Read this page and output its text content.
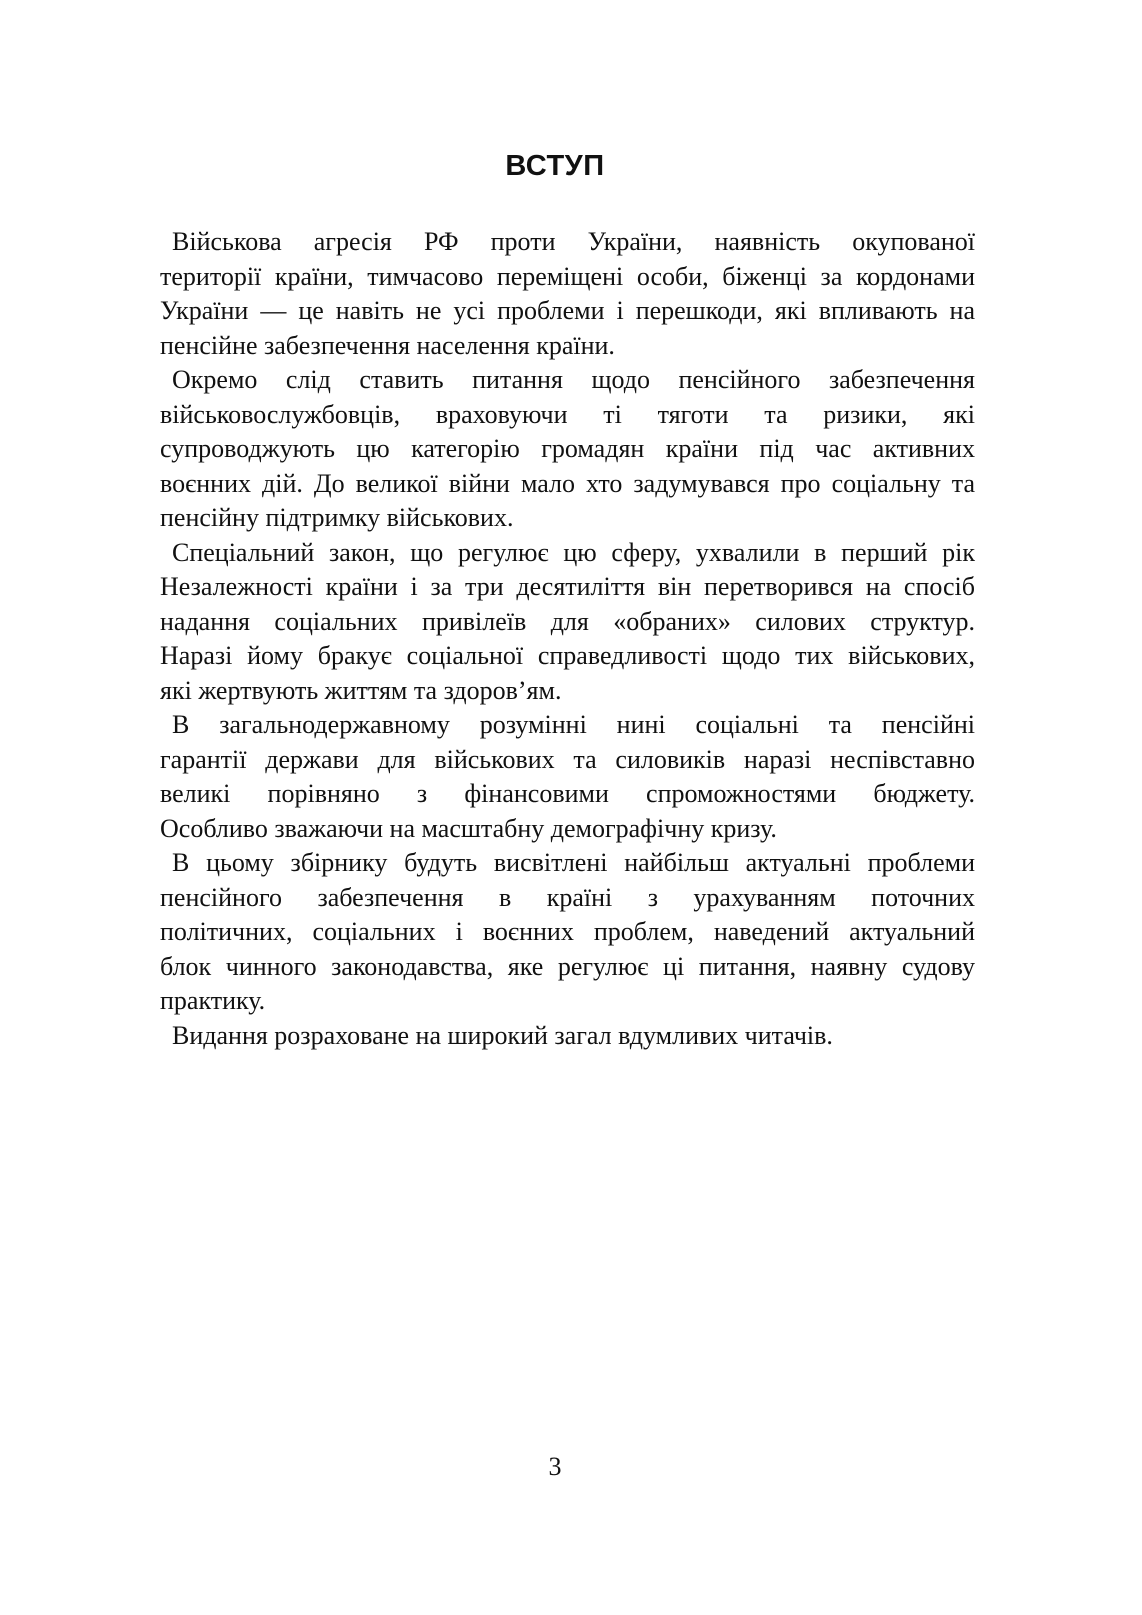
ВСТУП
Військова агресія РФ проти України, наявність окупованої
території країни, тимчасово переміщені особи, біженці за кордонами
України — це навіть не усі проблеми і перешкоди, які впливають на
пенсійне забезпечення населення країни.
Окремо слід ставить питання щодо пенсійного забезпечення
військовослужбовців, враховуючи ті тяготи та ризики, які
супроводжують цю категорію громадян країни під час активних
воєнних дій. До великої війни мало хто задумувався про соціальну та
пенсійну підтримку військових.
Спеціальний закон, що регулює цю сферу, ухвалили в перший рік
Незалежності країни і за три десятиліття він перетворився на спосіб
надання соціальних привілеїв для «обраних» силових структур.
Наразі йому бракує соціальної справедливості щодо тих військових,
які жертвують життям та здоров’ям.
В загальнодержавному розумінні нині соціальні та пенсійні
гарантії держави для військових та силовиків наразі неспівставно
великі порівняно з фінансовими спроможностями бюджету.
Особливо зважаючи на масштабну демографічну кризу.
В цьому збірнику будуть висвітлені найбільш актуальні проблеми
пенсійного забезпечення в країні з урахуванням поточних
політичних, соціальних і воєнних проблем, наведений актуальний
блок чинного законодавства, яке регулює ці питання, наявну судову
практику.
Видання розраховане на широкий загал вдумливих читачів.
3
